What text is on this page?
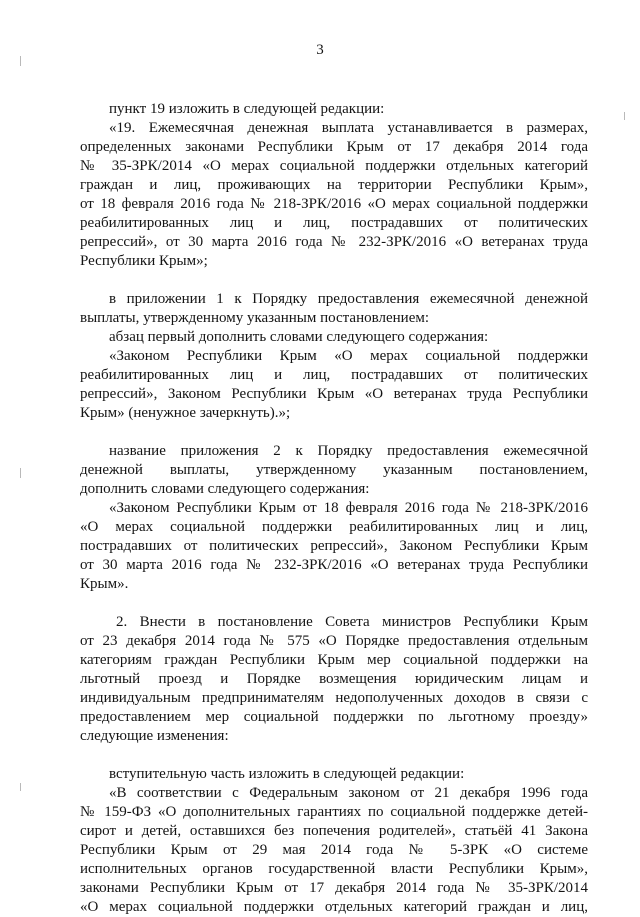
3
пункт 19 изложить в следующей редакции:
«19. Ежемесячная денежная выплата устанавливается в размерах,
определенных законами Республики Крым от 17 декабря 2014 года
№ 35-ЗРК/2014 «О мерах социальной поддержки отдельных категорий
граждан и лиц, проживающих на территории Республики Крым»,
от 18 февраля 2016 года № 218-ЗРК/2016 «О мерах социальной поддержки
реабилитированных лиц и лиц, пострадавших от политических
репрессий», от 30 марта 2016 года № 232-ЗРК/2016 «О ветеранах труда
Республики Крым»;
в приложении 1 к Порядку предоставления ежемесячной денежной
выплаты, утвержденному указанным постановлением:
абзац первый дополнить словами следующего содержания:
«Законом Республики Крым «О мерах социальной поддержки
реабилитированных лиц и лиц, пострадавших от политических
репрессий», Законом Республики Крым «О ветеранах труда Республики
Крым» (ненужное зачеркнуть).»;
название приложения 2 к Порядку предоставления ежемесячной
денежной выплаты, утвержденному указанным постановлением,
дополнить словами следующего содержания:
«Законом Республики Крым от 18 февраля 2016 года № 218-ЗРК/2016
«О мерах социальной поддержки реабилитированных лиц и лиц,
пострадавших от политических репрессий», Законом Республики Крым
от 30 марта 2016 года № 232-ЗРК/2016 «О ветеранах труда Республики
Крым».
2. Внести в постановление Совета министров Республики Крым
от 23 декабря 2014 года № 575 «О Порядке предоставления отдельным
категориям граждан Республики Крым мер социальной поддержки на
льготный проезд и Порядке возмещения юридическим лицам и
индивидуальным предпринимателям недополученных доходов в связи с
предоставлением мер социальной поддержки по льготному проезду»
следующие изменения:
вступительную часть изложить в следующей редакции:
«В соответствии с Федеральным законом от 21 декабря 1996 года
№ 159-ФЗ «О дополнительных гарантиях по социальной поддержке детей-
сирот и детей, оставшихся без попечения родителей», статьёй 41 Закона
Республики Крым от 29 мая 2014 года № 5-ЗРК «О системе
исполнительных органов государственной власти Республики Крым»,
законами Республики Крым от 17 декабря 2014 года № 35-ЗРК/2014
«О мерах социальной поддержки отдельных категорий граждан и лиц,
